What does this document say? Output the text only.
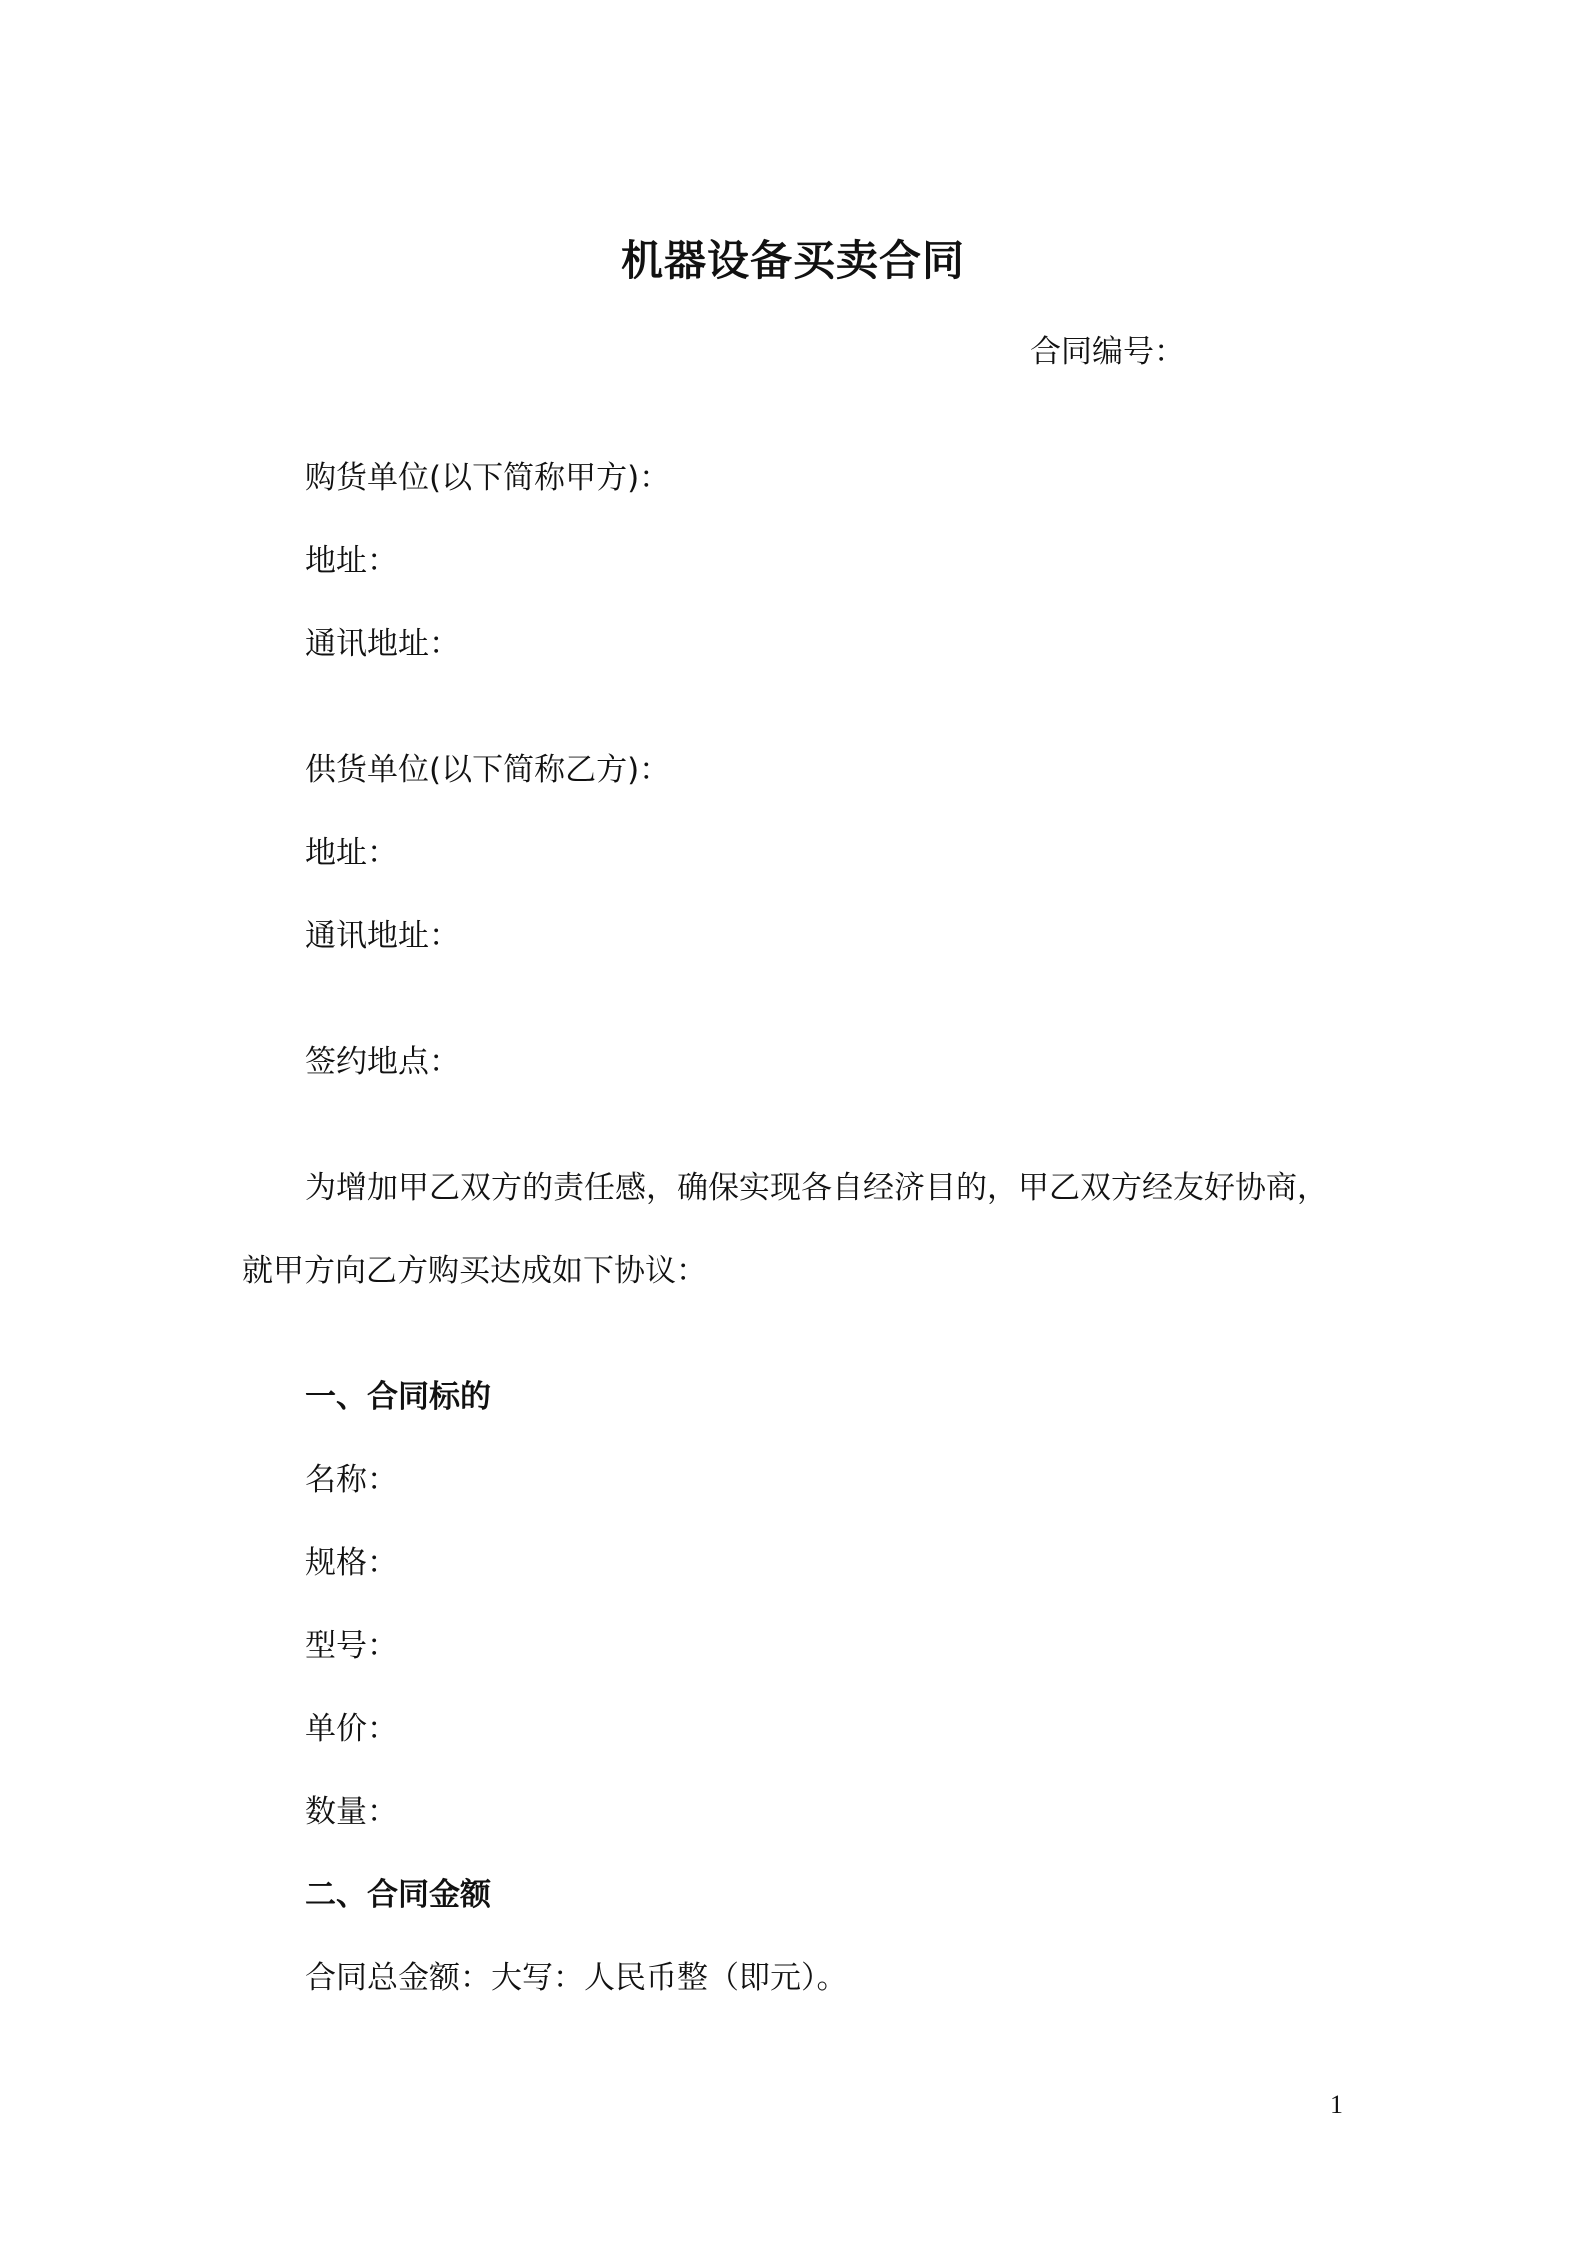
机器设备买卖合同
合同编号：
购货单位(以下简称甲方)：
地址：
通讯地址：
供货单位(以下简称乙方)：
地址：
通讯地址：
签约地点：
为增加甲乙双方的责任感，确保实现各自经济目的，甲乙双方经友好协商，
就甲方向乙方购买达成如下协议：
一、合同标的
名称：
规格：
型号：
单价：
数量：
二、合同金额
合同总金额：大写：人民币整（即元）。
1
